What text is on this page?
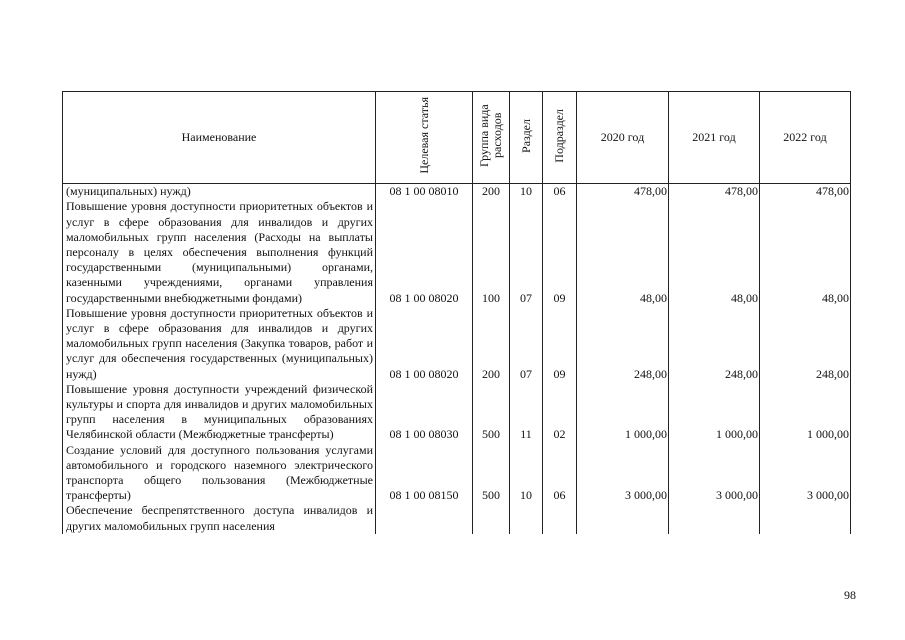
Наименование	Целевая статья	Группа вида расходов	Раздел	Подраздел	2020 год	2021 год	2022 год
(муниципальных) нужд)	08 1 00 08010	200	10	06	478,00	478,00	478,00
Повышение уровня доступности приоритетных объектов и услуг в сфере образования для инвалидов и других маломобильных групп населения (Расходы на выплаты персоналу в целях обеспечения выполнения функций государственными (муниципальными) органами, казенными учреждениями, органами управления государственными внебюджетными фондами)	08 1 00 08020	100	07	09	48,00	48,00	48,00
Повышение уровня доступности приоритетных объектов и услуг в сфере образования для инвалидов и других маломобильных групп населения (Закупка товаров, работ и услуг для обеспечения государственных (муниципальных) нужд)	08 1 00 08020	200	07	09	248,00	248,00	248,00
Повышение уровня доступности учреждений физической культуры и спорта для инвалидов и других маломобильных групп населения в муниципальных образованиях Челябинской области (Межбюджетные трансферты)	08 1 00 08030	500	11	02	1 000,00	1 000,00	1 000,00
Создание условий для доступного пользования услугами автомобильного и городского наземного электрического транспорта общего пользования (Межбюджетные трансферты)	08 1 00 08150	500	10	06	3 000,00	3 000,00	3 000,00
Обеспечение беспрепятственного доступа инвалидов и других маломобильных групп населения							
98
